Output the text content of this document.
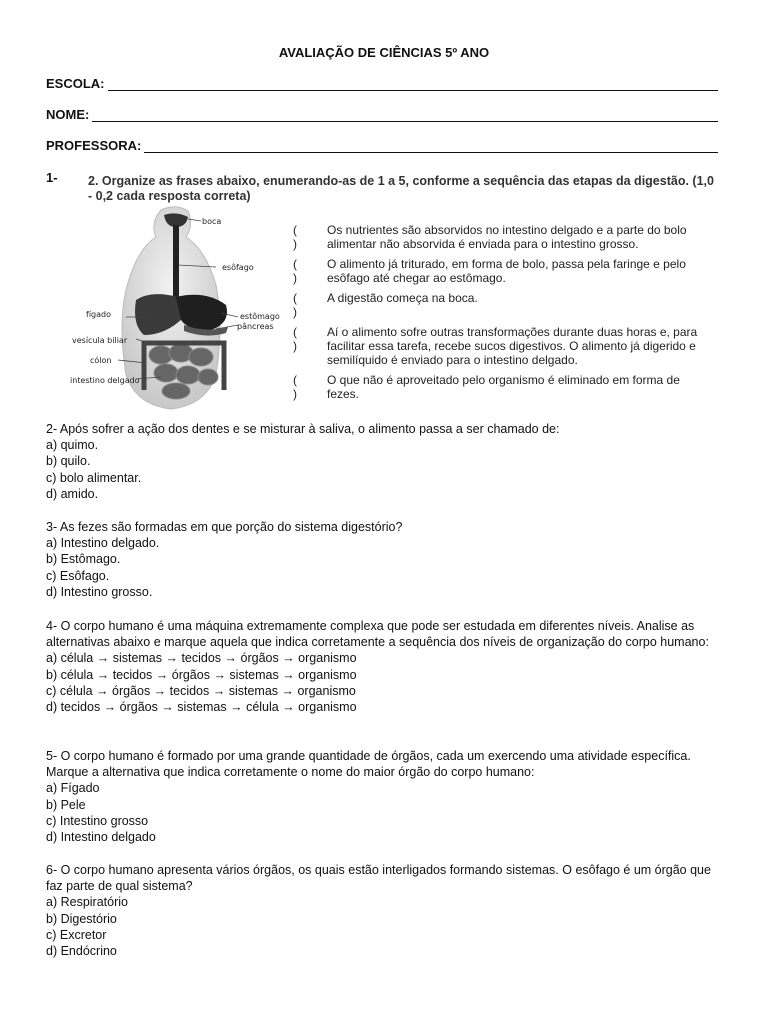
AVALIAÇÃO DE CIÊNCIAS 5º ANO
ESCOLA:
NOME:
PROFESSORA:
1- 2. Organize as frases abaixo, enumerando-as de 1 a 5, conforme a sequência das etapas da digestão. (1,0 - 0,2 cada resposta correta)
boca
esôfago
fígado	estômago
pâncreas
vesícula biliar
cólon
intestino delgado
( )
Os nutrientes são absorvidos no intestino delgado e a parte do bolo alimentar não absorvida é enviada para o intestino grosso.
( )
O alimento já triturado, em forma de bolo, passa pela faringe e pelo esôfago até chegar ao estômago.
( )
A digestão começa na boca.
( )
Aí o alimento sofre outras transformações durante duas horas e, para facilitar essa tarefa, recebe sucos digestivos. O alimento já digerido e semilíquido é enviado para o intestino delgado.
( )
O que não é aproveitado pelo organismo é eliminado em forma de fezes.

2- Após sofrer a ação dos dentes e se misturar à saliva, o alimento passa a ser chamado de:

a) quimo.

b) quilo.

c) bolo alimentar.

d) amido.

3- As fezes são formadas em que porção do sistema digestório?

a) Intestino delgado.

b) Estômago.

c) Esôfago.

d) Intestino grosso.

4- O corpo humano é uma máquina extremamente complexa que pode ser estudada em diferentes níveis. Analise as alternativas abaixo e marque aquela que indica corretamente a sequência dos níveis de organização do corpo humano:

a) célula → sistemas → tecidos → órgãos → organismo

b) célula → tecidos → órgãos → sistemas → organismo

c) célula → órgãos → tecidos → sistemas → organismo

d) tecidos → órgãos → sistemas → célula → organismo

5- O corpo humano é formado por uma grande quantidade de órgãos, cada um exercendo uma atividade específica. Marque a alternativa que indica corretamente o nome do maior órgão do corpo humano:

a) Fígado

b) Pele

c) Intestino grosso

d) Intestino delgado

6- O corpo humano apresenta vários órgãos, os quais estão interligados formando sistemas. O esôfago é um órgão que faz parte de qual sistema?

a) Respiratório

b) Digestório

c) Excretor

d) Endócrino
